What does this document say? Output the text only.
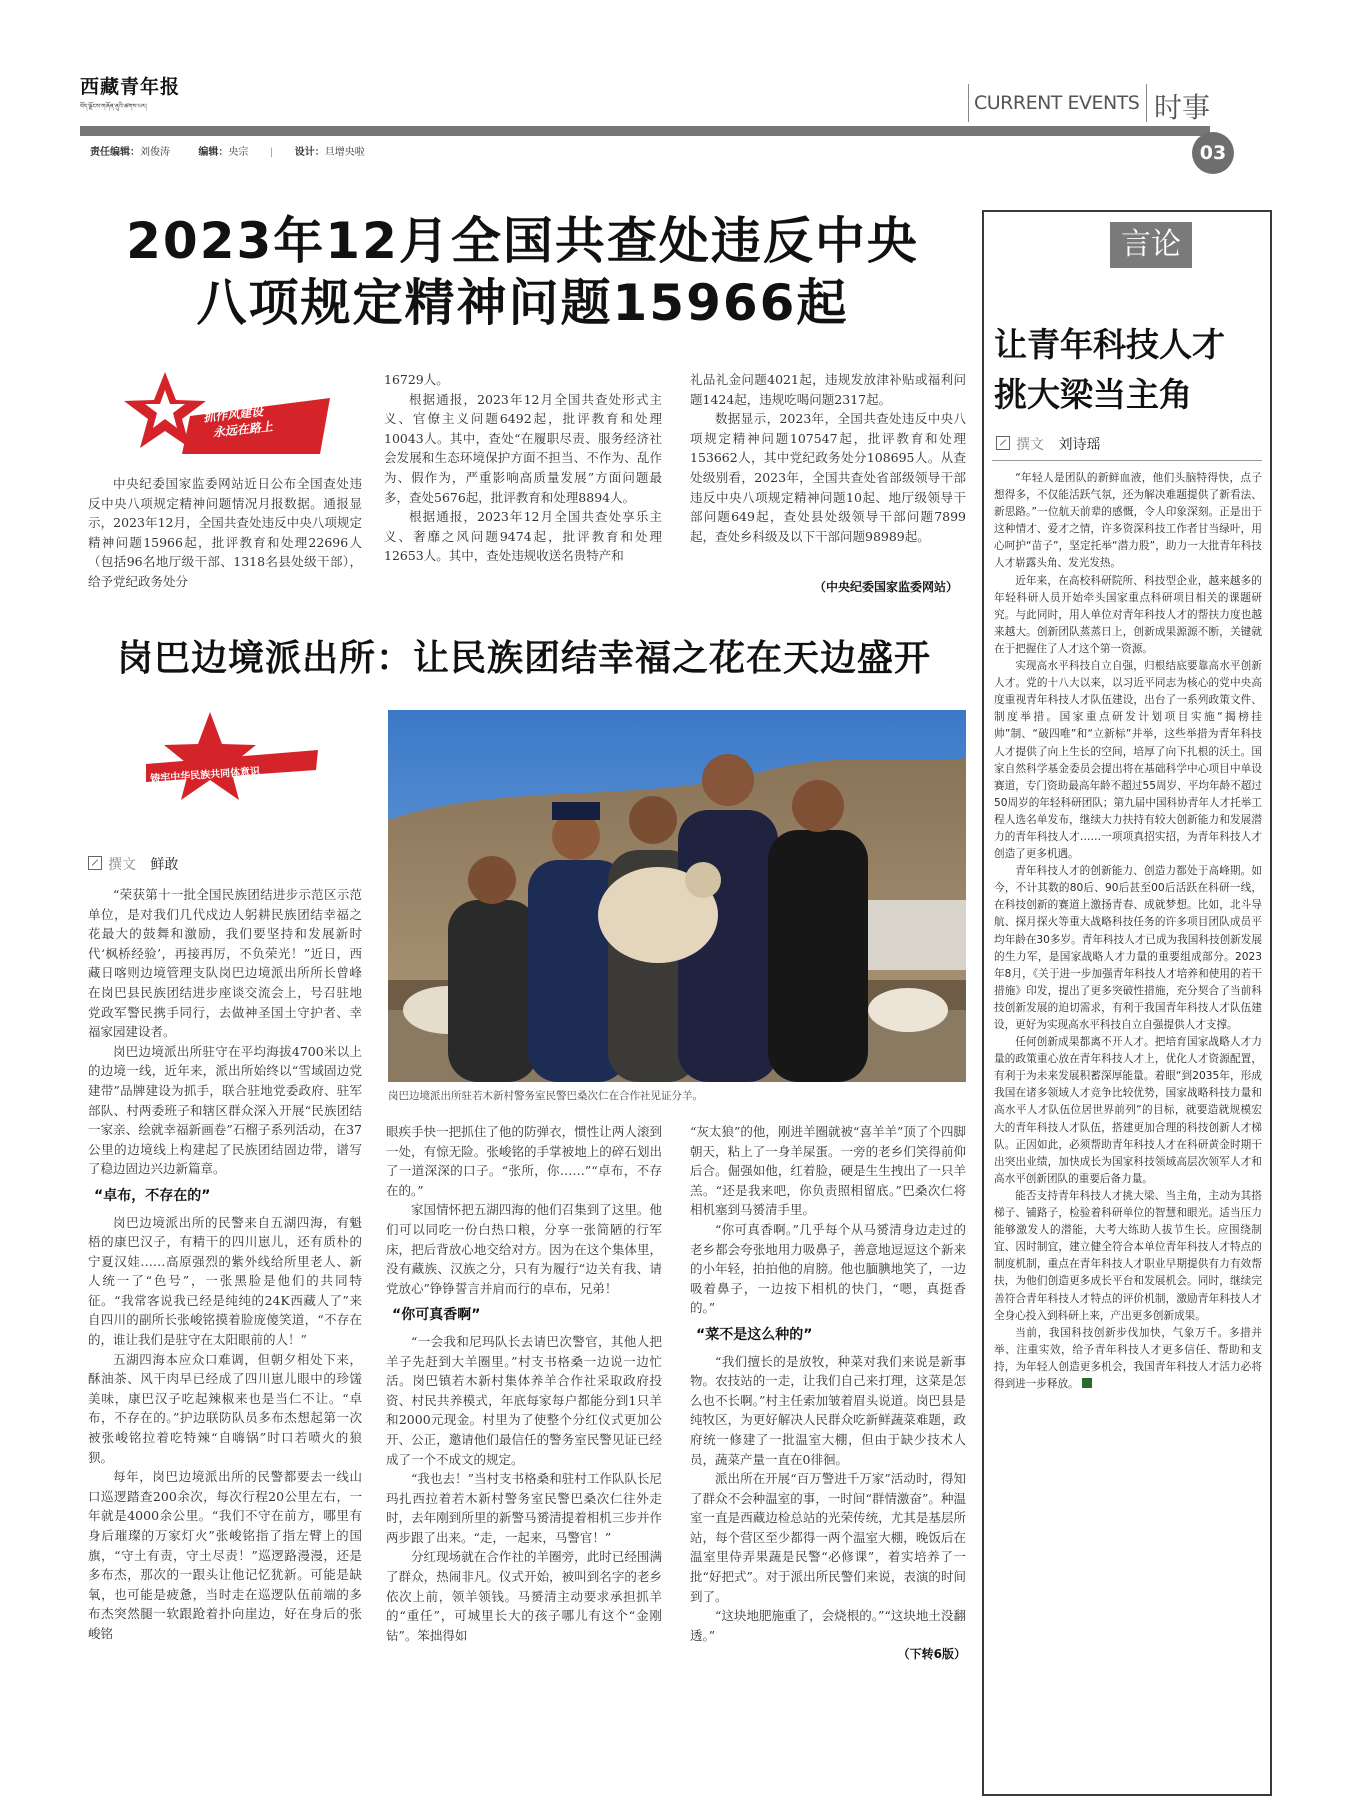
西藏青年报
བོད་ལྗོངས་གཞོན་ནུའི་ཚགས་པར།	CURRENT EVENTS 时事
03
责任编辑：刘俊涛	编辑：央宗 | 设计：旦增央啦
2023年12月全国共查处违反中央
八项规定精神问题15966起
抓作风建设
永远在路上

中央纪委国家监委网站近日公布全国查处违反中央八项规定精神问题情况月报数据。通报显示，2023年12月，全国共查处违反中央八项规定精神问题15966起，批评教育和处理22696人（包括96名地厅级干部、1318名县处级干部），给予党纪政务处分

16729人。

根据通报，2023年12月全国共查处形式主义、官僚主义问题6492起，批评教育和处理10043人。其中，查处“在履职尽责、服务经济社会发展和生态环境保护方面不担当、不作为、乱作为、假作为，严重影响高质量发展”方面问题最多，查处5676起，批评教育和处理8894人。

根据通报，2023年12月全国共查处享乐主义、奢靡之风问题9474起，批评教育和处理12653人。其中，查处违规收送名贵特产和

礼品礼金问题4021起，违规发放津补贴或福利问题1424起，违规吃喝问题2317起。

数据显示，2023年，全国共查处违反中央八项规定精神问题107547起，批评教育和处理153662人，其中党纪政务处分108695人。从查处级别看，2023年，全国共查处省部级领导干部违反中央八项规定精神问题10起、地厅级领导干部问题649起，查处县处级领导干部问题7899起，查处乡科级及以下干部问题98989起。

（中央纪委国家监委网站）
岗巴边境派出所：让民族团结幸福之花在天边盛开
铸牢中华民族共同体意识
撰文 鲜敢
岗巴边境派出所驻若木新村警务室民警巴桑次仁在合作社见证分羊。

“荣获第十一批全国民族团结进步示范区示范单位，是对我们几代戍边人躬耕民族团结幸福之花最大的鼓舞和激励，我们要坚持和发展新时代‘枫桥经验’，再接再厉，不负荣光！”近日，西藏日喀则边境管理支队岗巴边境派出所所长曾峰在岗巴县民族团结进步座谈交流会上，号召驻地党政军警民携手同行，去做神圣国土守护者、幸福家园建设者。

岗巴边境派出所驻守在平均海拔4700米以上的边境一线，近年来，派出所始终以“雪域固边党建带”品牌建设为抓手，联合驻地党委政府、驻军部队、村两委班子和辖区群众深入开展“民族团结一家亲、绘就幸福新画卷”石榴子系列活动，在37公里的边境线上构建起了民族团结固边带，谱写了稳边固边兴边新篇章。

“卓布，不存在的”

岗巴边境派出所的民警来自五湖四海，有魁梧的康巴汉子，有精干的四川崽儿，还有质朴的宁夏汉娃……高原强烈的紫外线给所里老人、新人统一了“色号”，一张黑脸是他们的共同特征。“我常客说我已经是纯纯的24K西藏人了”来自四川的副所长张峻铭摸着脸庞傻笑道，“不存在的，谁让我们是驻守在太阳眼前的人！”

五湖四海本应众口难调，但朝夕相处下来，酥油茶、风干肉早已经成了四川崽儿眼中的珍馐美味，康巴汉子吃起辣椒来也是当仁不让。“卓布，不存在的。”护边联防队员多布杰想起第一次被张峻铭拉着吃特辣“自嗨锅”时口若喷火的狼狈。

每年，岗巴边境派出所的民警都要去一线山口巡逻踏查200余次，每次行程20公里左右，一年就是4000余公里。“我们不守在前方，哪里有身后璀璨的万家灯火”张峻铭指了指左臂上的国旗，“守土有责，守土尽责！”巡逻路漫漫，还是多布杰，那次的一跟头让他记忆犹新。可能是缺氧，也可能是疲惫，当时走在巡逻队伍前端的多布杰突然腿一软跟跄着扑向崖边，好在身后的张峻铭

眼疾手快一把抓住了他的防弹衣，惯性让两人滚到一处，有惊无险。张峻铭的手掌被地上的碎石划出了一道深深的口子。“张所，你……”“卓布，不存在的。”

家国情怀把五湖四海的他们召集到了这里。他们可以同吃一份白热口粮，分享一张简陋的行军床，把后背放心地交给对方。因为在这个集体里，没有藏族、汉族之分，只有为履行“边关有我、请党放心”铮铮誓言并肩而行的卓布，兄弟！

“你可真香啊”

“一会我和尼玛队长去请巴次警官，其他人把羊子先赶到大羊圈里。”村支书格桑一边说一边忙活。岗巴镇若木新村集体养羊合作社采取政府投资、村民共养模式，年底每家每户都能分到1只羊和2000元现金。村里为了使整个分红仪式更加公开、公正，邀请他们最信任的警务室民警见证已经成了一个不成文的规定。

“我也去！”当村支书格桑和驻村工作队队长尼玛扎西拉着若木新村警务室民警巴桑次仁往外走时，去年刚到所里的新警马赟清提着相机三步并作两步跟了出来。“走，一起来，马警官！”

分红现场就在合作社的羊圈旁，此时已经围满了群众，热闹非凡。仪式开始，被叫到名字的老乡依次上前，领羊领钱。马赟清主动要求承担抓羊的“重任”，可城里长大的孩子哪儿有这个“金刚钻”。笨拙得如

“灰太狼”的他，刚进羊圈就被“喜羊羊”顶了个四脚朝天，粘上了一身羊屎蛋。一旁的老乡们笑得前仰后合。倔强如他，红着脸，硬是生生拽出了一只羊羔。“还是我来吧，你负责照相留底。”巴桑次仁将相机塞到马赟清手里。

“你可真香啊。”几乎每个从马赟清身边走过的老乡都会夸张地用力吸鼻子，善意地逗逗这个新来的小年轻，拍拍他的肩膀。他也腼腆地笑了，一边吸着鼻子，一边按下相机的快门，“嗯，真挺香的。”

“菜不是这么种的”

“我们擅长的是放牧，种菜对我们来说是新事物。农技站的一走，让我们自己来打理，这菜是怎么也不长啊。”村主任索加皱着眉头说道。岗巴县是纯牧区，为更好解决人民群众吃新鲜蔬菜难题，政府统一修建了一批温室大棚，但由于缺少技术人员，蔬菜产量一直在0徘徊。

派出所在开展“百万警进千万家”活动时，得知了群众不会种温室的事，一时间“群情激奋”。种温室一直是西藏边检总站的光荣传统，尤其是基层所站，每个营区至少都得一两个温室大棚，晚饭后在温室里侍弄果蔬是民警“必修课”，着实培养了一批“好把式”。对于派出所民警们来说，表演的时间到了。

“这块地肥施重了，会烧根的。”“这块地土没翻透。”

（下转6版）
言论
让青年科技人才
挑大梁当主角
撰文 刘诗瑶

“年轻人是团队的新鲜血液，他们头脑特得快，点子想得多，不仅能活跃气氛，还为解决难题提供了新看法、新思路。”一位航天前辈的感慨，令人印象深刻。正是出于这种情才、爱才之情，许多资深科技工作者甘当绿叶，用心呵护“苗子”，坚定托举“潜力股”，助力一大批青年科技人才崭露头角、发光发热。

近年来，在高校科研院所、科技型企业，越来越多的年轻科研人员开始牵头国家重点科研项目相关的课题研究。与此同时，用人单位对青年科技人才的帮扶力度也越来越大。创新团队蒸蒸日上，创新成果源源不断，关键就在于把握住了人才这个第一资源。

实现高水平科技自立自强，归根结底要靠高水平创新人才。党的十八大以来，以习近平同志为核心的党中央高度重视青年科技人才队伍建设，出台了一系列政策文件、制度举措。国家重点研发计划项目实施“揭榜挂帅”制、“破四唯”和“立新标”并举，这些举措为青年科技人才提供了向上生长的空间，培厚了向下扎根的沃土。国家自然科学基金委员会提出将在基础科学中心项目中单设赛道，专门资助最高年龄不超过55周岁、平均年龄不超过50周岁的年轻科研团队；第九届中国科协青年人才托举工程人选名单发布，继续大力扶持有较大创新能力和发展潜力的青年科技人才……一项项真招实招，为青年科技人才创造了更多机遇。

青年科技人才的创新能力、创造力都处于高峰期。如今，不计其数的80后、90后甚至00后活跃在科研一线，在科技创新的赛道上激扬青春、成就梦想。比如，北斗导航、探月探火等重大战略科技任务的许多项目团队成员平均年龄在30多岁。青年科技人才已成为我国科技创新发展的生力军，是国家战略人才力量的重要组成部分。2023年8月，《关于进一步加强青年科技人才培养和使用的若干措施》印发，提出了更多突破性措施，充分契合了当前科技创新发展的迫切需求，有利于我国青年科技人才队伍建设，更好为实现高水平科技自立自强提供人才支撑。

任何创新成果都离不开人才。把培育国家战略人才力量的政策重心放在青年科技人才上，优化人才资源配置，有利于为未来发展积蓄深厚能量。着眼“到2035年，形成我国在诸多领域人才竞争比较优势，国家战略科技力量和高水平人才队伍位居世界前列”的目标，就要造就规模宏大的青年科技人才队伍，搭建更加合理的科技创新人才梯队。正因如此，必须帮助青年科技人才在科研黄金时期干出突出业绩，加快成长为国家科技领域高层次领军人才和高水平创新团队的重要后备力量。

能否支持青年科技人才挑大梁、当主角，主动为其搭梯子、铺路子，检验着科研单位的智慧和眼光。适当压力能够激发人的潜能，大考大练助人拔节生长。应围绕制宜、因时制宜，建立健全符合本单位青年科技人才特点的制度机制，重点在青年科技人才职业早期提供有力有效帮扶，为他们创造更多成长平台和发展机会。同时，继续完善符合青年科技人才特点的评价机制，激励青年科技人才全身心投入到科研上来，产出更多创新成果。

当前，我国科技创新步伐加快，气象万千。多措并举、注重实效，给予青年科技人才更多信任、帮助和支持，为年轻人创造更多机会，我国青年科技人才活力必将得到进一步释放。
